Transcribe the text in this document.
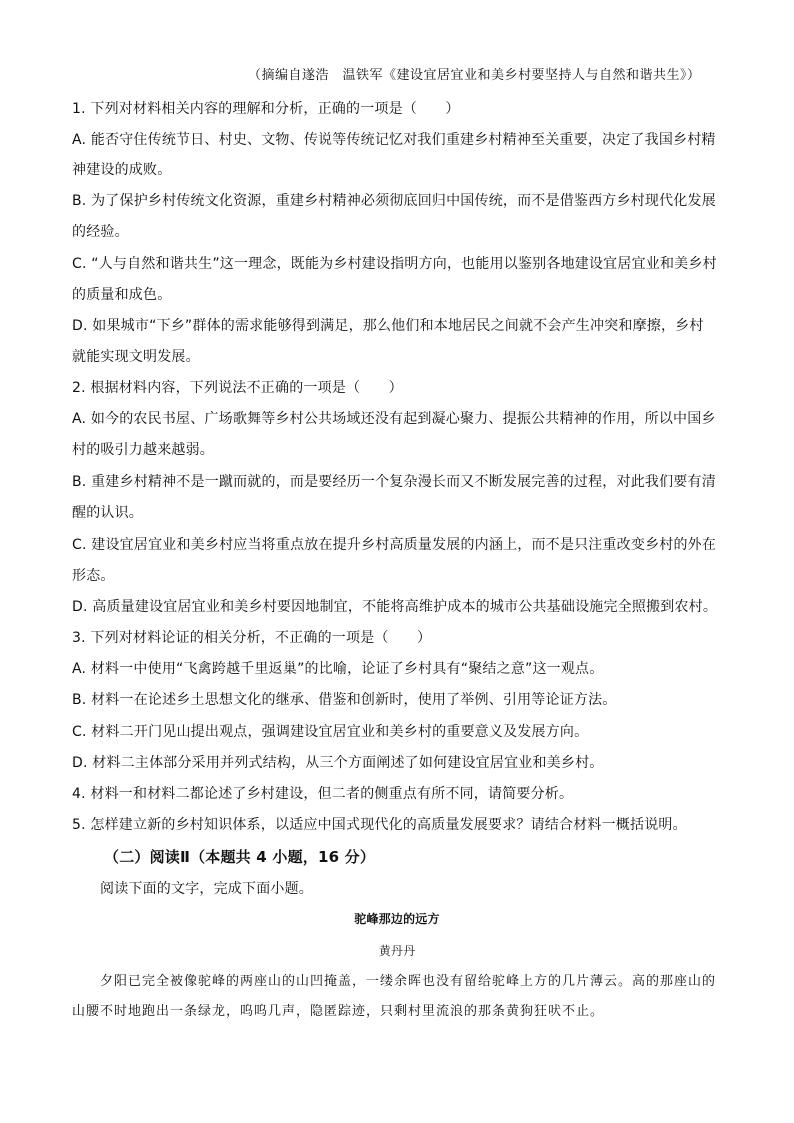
（摘编自遂浩　温铁军《建设宜居宜业和美乡村要坚持人与自然和谐共生》）
1. 下列对材料相关内容的理解和分析，正确的一项是（　　）
A. 能否守住传统节日、村史、文物、传说等传统记忆对我们重建乡村精神至关重要，决定了我国乡村精
神建设的成败。
B. 为了保护乡村传统文化资源，重建乡村精神必须彻底回归中国传统，而不是借鉴西方乡村现代化发展
的经验。
C. “人与自然和谐共生”这一理念，既能为乡村建设指明方向，也能用以鉴别各地建设宜居宜业和美乡村
的质量和成色。
D. 如果城市“下乡”群体的需求能够得到满足，那么他们和本地居民之间就不会产生冲突和摩擦，乡村
就能实现文明发展。
2. 根据材料内容，下列说法不正确的一项是（　　）
A. 如今的农民书屋、广场歌舞等乡村公共场域还没有起到凝心聚力、提振公共精神的作用，所以中国乡
村的吸引力越来越弱。
B. 重建乡村精神不是一蹴而就的，而是要经历一个复杂漫长而又不断发展完善的过程，对此我们要有清
醒的认识。
C. 建设宜居宜业和美乡村应当将重点放在提升乡村高质量发展的内涵上，而不是只注重改变乡村的外在
形态。
D. 高质量建设宜居宜业和美乡村要因地制宜，不能将高维护成本的城市公共基础设施完全照搬到农村。
3. 下列对材料论证的相关分析，不正确的一项是（　　）
A. 材料一中使用“飞禽跨越千里返巢”的比喻，论证了乡村具有“聚结之意”这一观点。
B. 材料一在论述乡土思想文化的继承、借鉴和创新时，使用了举例、引用等论证方法。
C. 材料二开门见山提出观点，强调建设宜居宜业和美乡村的重要意义及发展方向。
D. 材料二主体部分采用并列式结构，从三个方面阐述了如何建设宜居宜业和美乡村。
4. 材料一和材料二都论述了乡村建设，但二者的侧重点有所不同，请简要分析。
5. 怎样建立新的乡村知识体系，以适应中国式现代化的高质量发展要求？请结合材料一概括说明。
（二）阅读Ⅱ（本题共 4 小题，16 分）
阅读下面的文字，完成下面小题。
驼峰那边的远方
黄丹丹
夕阳已完全被像驼峰的两座山的山凹掩盖，一缕余晖也没有留给驼峰上方的几片薄云。高的那座山的
山腰不时地跑出一条绿龙，呜呜几声，隐匿踪迹，只剩村里流浪的那条黄狗狂吠不止。
